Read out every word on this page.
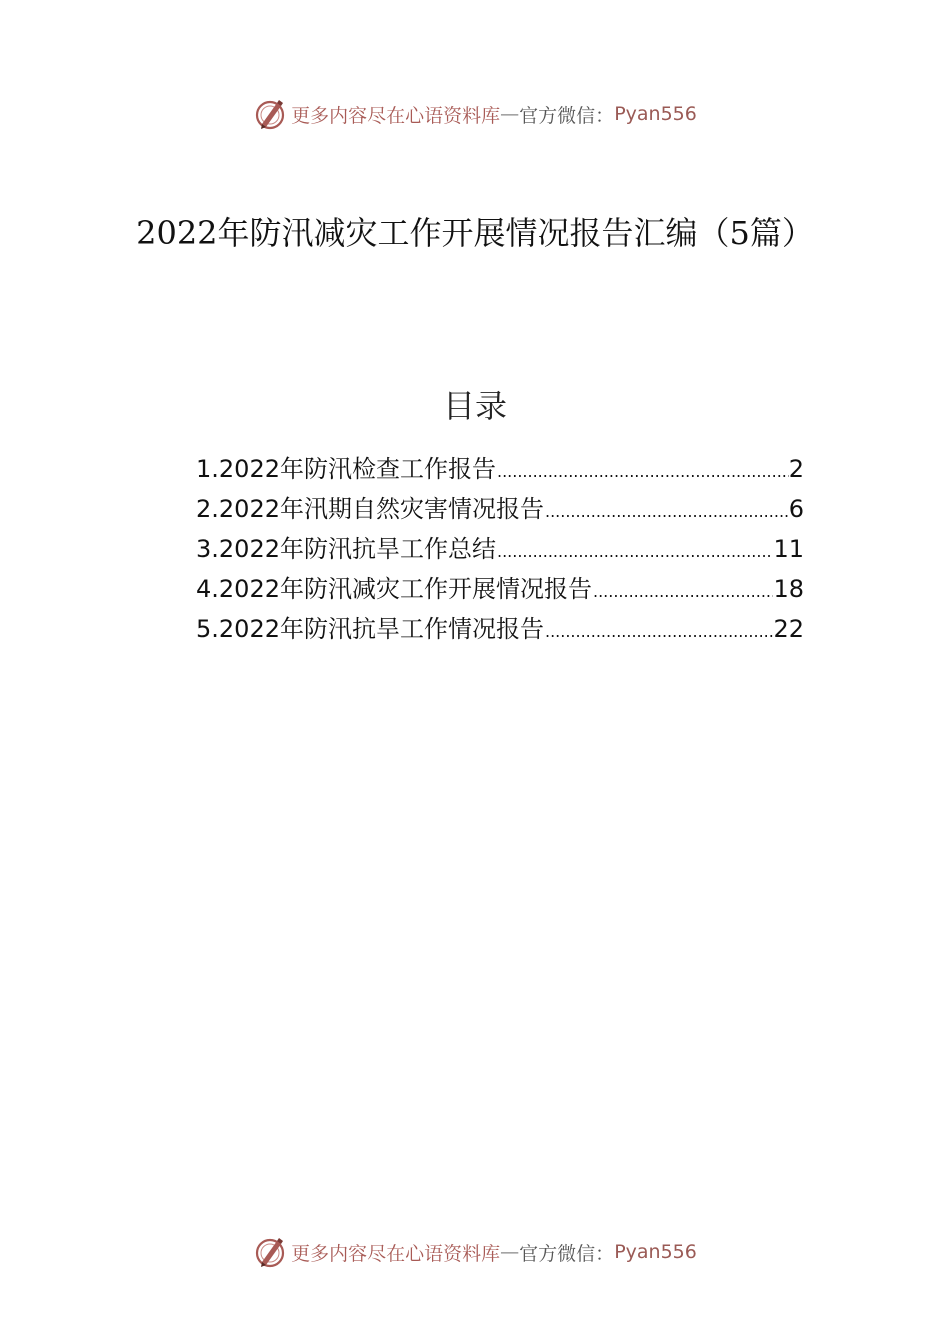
更多内容尽在心语资料库 — 官方微信： Pyan556
2022年防汛减灾工作开展情况报告汇编（5篇）
目录
1.2022年防汛检查工作报告 .....	2
2.2022年汛期自然灾害情况报告 .....	6
3.2022年防汛抗旱工作总结 .....	11
4.2022年防汛减灾工作开展情况报告 .....	18
5.2022年防汛抗旱工作情况报告 .....	22
更多内容尽在心语资料库 — 官方微信： Pyan556
